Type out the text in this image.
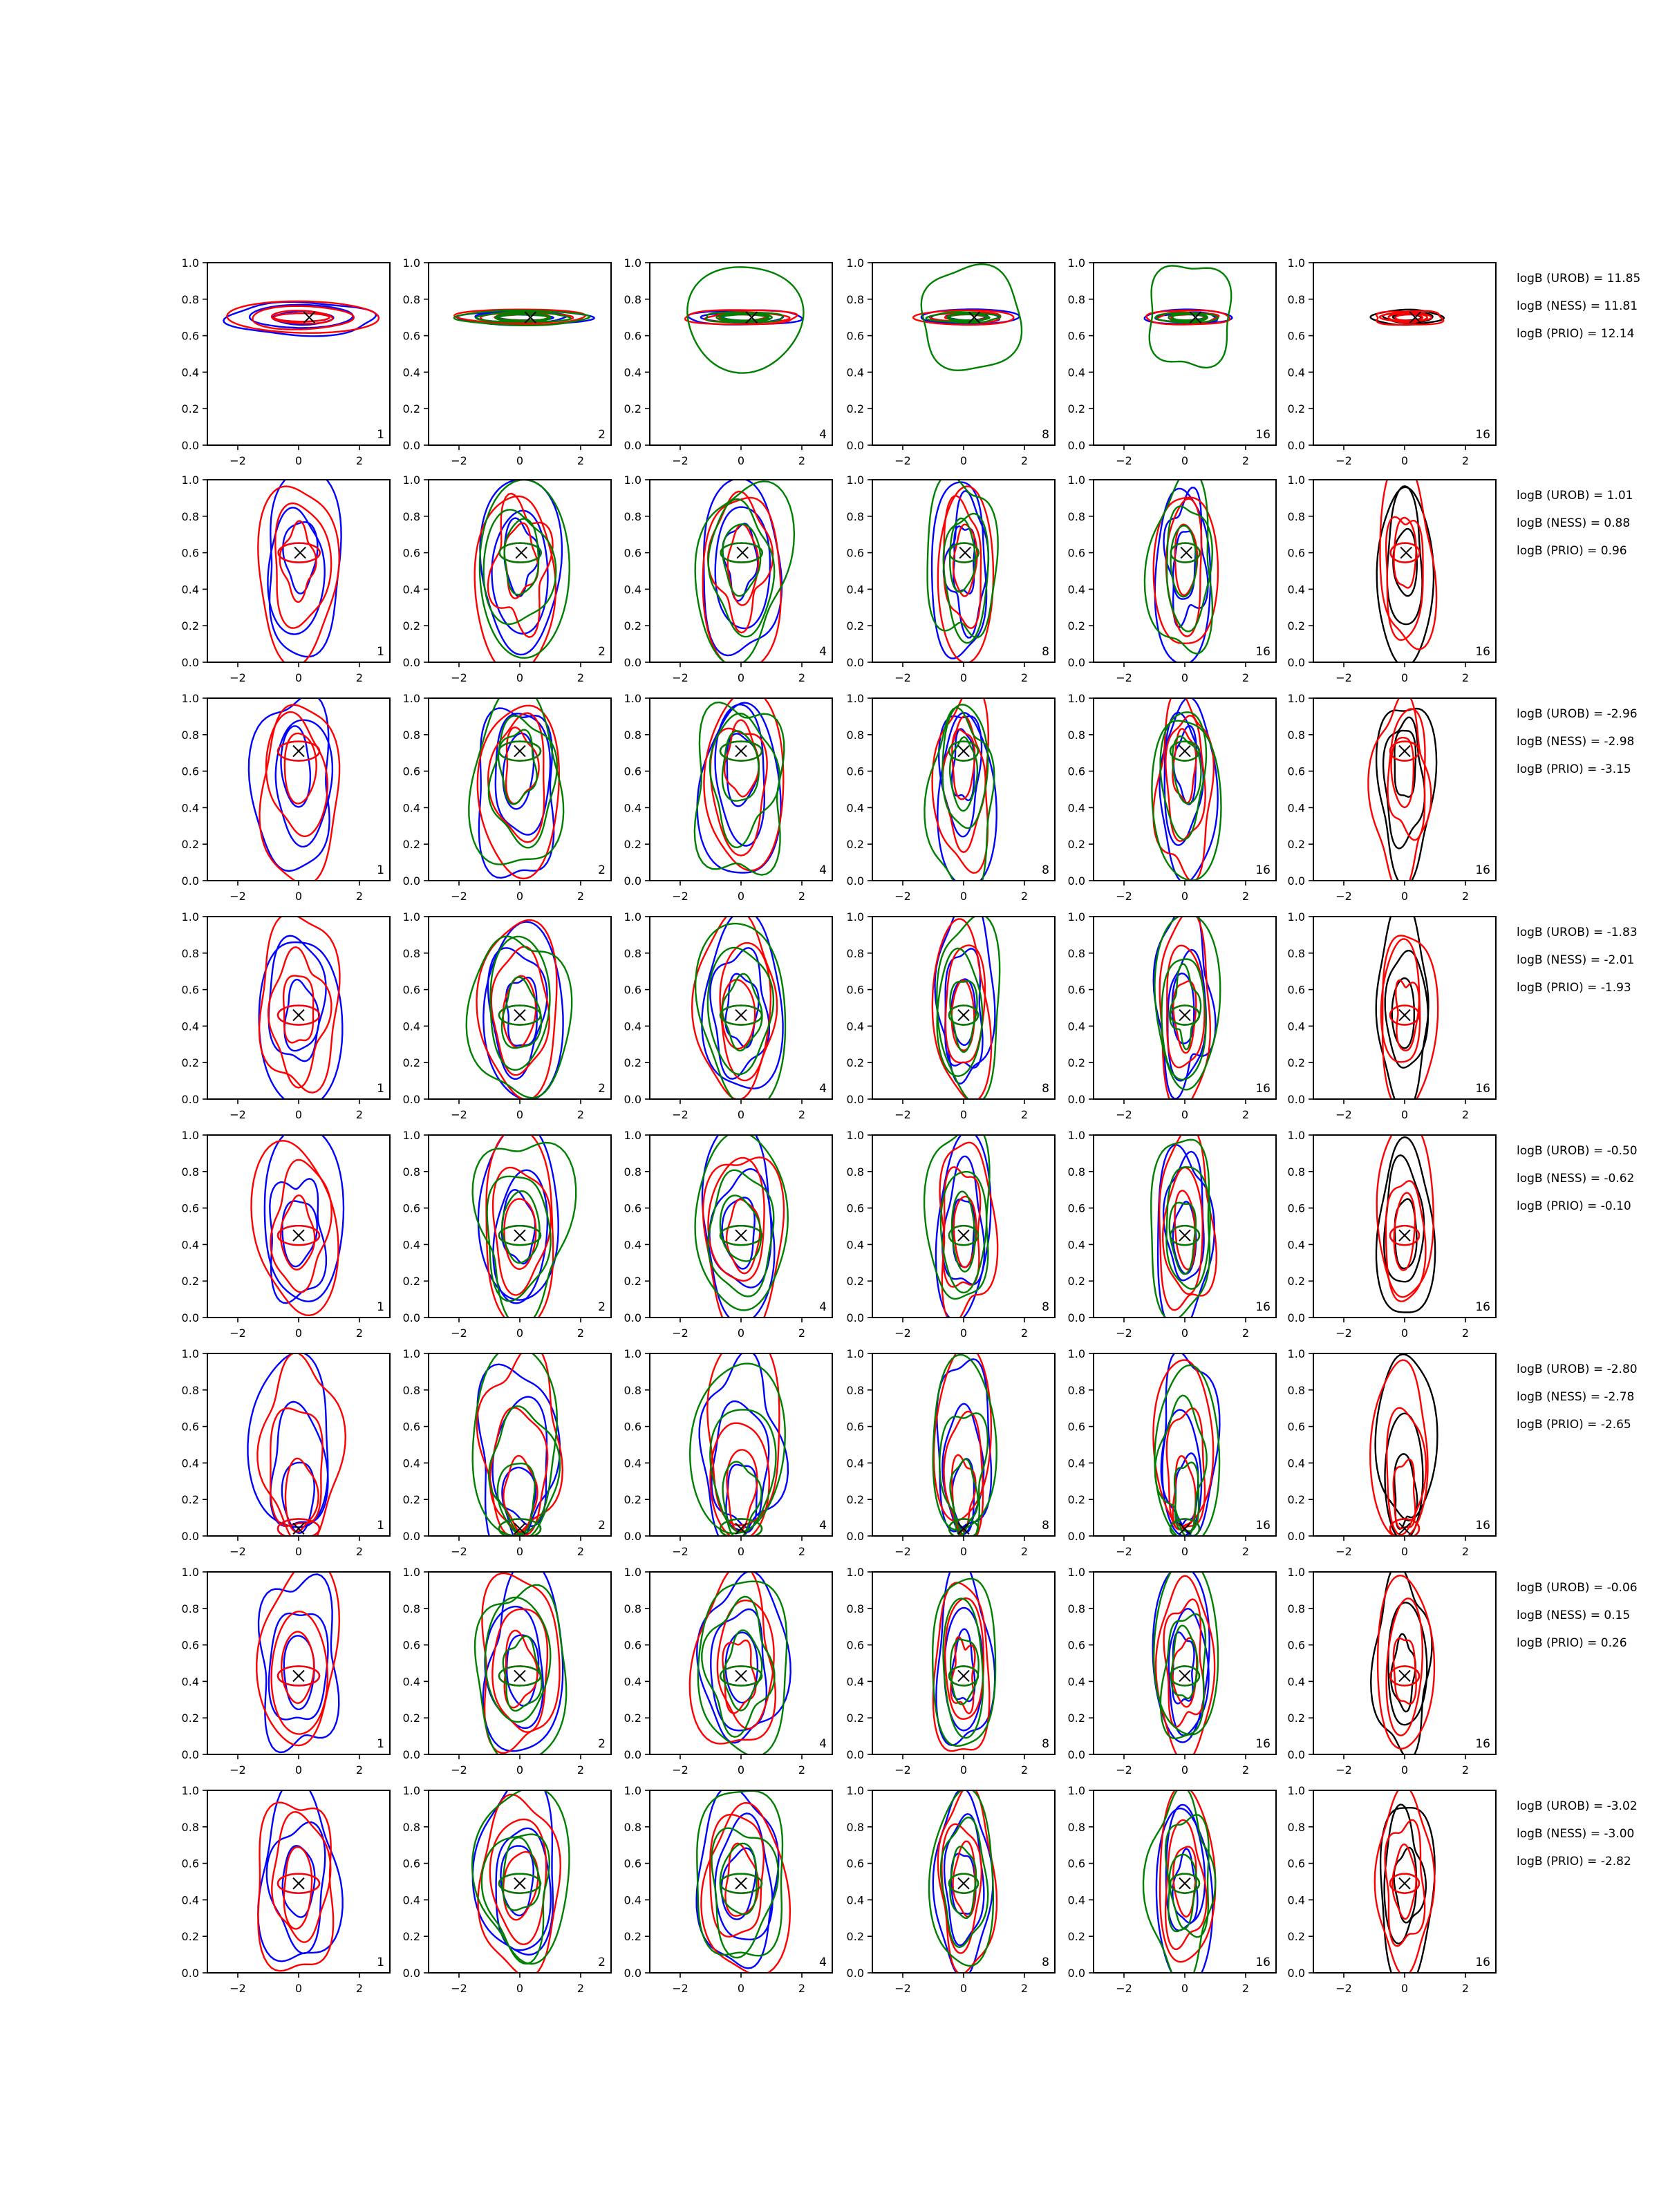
0.0
0.2
0.4
0.6
0.8
1.0
−2	0	2
1
0.0
0.2
0.4
0.6
0.8
1.0
−2	0	2
2
0.0
0.2
0.4
0.6
0.8
1.0
−2	0	2
4
0.0
0.2
0.4
0.6
0.8
1.0
−2	0	2
8
0.0
0.2
0.4
0.6
0.8
1.0
−2	0	2
16
0.0
0.2
0.4
0.6
0.8
1.0
−2	0	2
16
logB (UROB) = 11.85
logB (NESS) = 11.81
logB (PRIO) = 12.14
0.0
0.2
0.4
0.6
0.8
1.0
−2	0	2
1
0.0
0.2
0.4
0.6
0.8
1.0
−2	0	2
2
0.0
0.2
0.4
0.6
0.8
1.0
−2	0	2
4
0.0
0.2
0.4
0.6
0.8
1.0
−2	0	2
8
0.0
0.2
0.4
0.6
0.8
1.0
−2	0	2
16
0.0
0.2
0.4
0.6
0.8
1.0
−2	0	2
16
logB (UROB) = 1.01
logB (NESS) = 0.88
logB (PRIO) = 0.96
0.0
0.2
0.4
0.6
0.8
1.0
−2	0	2
1
0.0
0.2
0.4
0.6
0.8
1.0
−2	0	2
2
0.0
0.2
0.4
0.6
0.8
1.0
−2	0	2
4
0.0
0.2
0.4
0.6
0.8
1.0
−2	0	2
8
0.0
0.2
0.4
0.6
0.8
1.0
−2	0	2
16
0.0
0.2
0.4
0.6
0.8
1.0
−2	0	2
16
logB (UROB) = -2.96
logB (NESS) = -2.98
logB (PRIO) = -3.15
0.0
0.2
0.4
0.6
0.8
1.0
−2	0	2
1
0.0
0.2
0.4
0.6
0.8
1.0
−2	0	2
2
0.0
0.2
0.4
0.6
0.8
1.0
−2	0	2
4
0.0
0.2
0.4
0.6
0.8
1.0
−2	0	2
8
0.0
0.2
0.4
0.6
0.8
1.0
−2	0	2
16
0.0
0.2
0.4
0.6
0.8
1.0
−2	0	2
16
logB (UROB) = -1.83
logB (NESS) = -2.01
logB (PRIO) = -1.93
0.0
0.2
0.4
0.6
0.8
1.0
−2	0	2
1
0.0
0.2
0.4
0.6
0.8
1.0
−2	0	2
2
0.0
0.2
0.4
0.6
0.8
1.0
−2	0	2
4
0.0
0.2
0.4
0.6
0.8
1.0
−2	0	2
8
0.0
0.2
0.4
0.6
0.8
1.0
−2	0	2
16
0.0
0.2
0.4
0.6
0.8
1.0
−2	0	2
16
logB (UROB) = -0.50
logB (NESS) = -0.62
logB (PRIO) = -0.10
0.0
0.2
0.4
0.6
0.8
1.0
−2	0	2
1
0.0
0.2
0.4
0.6
0.8
1.0
−2	0	2
2
0.0
0.2
0.4
0.6
0.8
1.0
−2	0	2
4
0.0
0.2
0.4
0.6
0.8
1.0
−2	0	2
8
0.0
0.2
0.4
0.6
0.8
1.0
−2	0	2
16
0.0
0.2
0.4
0.6
0.8
1.0
−2	0	2
16
logB (UROB) = -2.80
logB (NESS) = -2.78
logB (PRIO) = -2.65
0.0
0.2
0.4
0.6
0.8
1.0
−2	0	2
1
0.0
0.2
0.4
0.6
0.8
1.0
−2	0	2
2
0.0
0.2
0.4
0.6
0.8
1.0
−2	0	2
4
0.0
0.2
0.4
0.6
0.8
1.0
−2	0	2
8
0.0
0.2
0.4
0.6
0.8
1.0
−2	0	2
16
0.0
0.2
0.4
0.6
0.8
1.0
−2	0	2
16
logB (UROB) = -0.06
logB (NESS) = 0.15
logB (PRIO) = 0.26
0.0
0.2
0.4
0.6
0.8
1.0
−2	0	2
1
0.0
0.2
0.4
0.6
0.8
1.0
−2	0	2
2
0.0
0.2
0.4
0.6
0.8
1.0
−2	0	2
4
0.0
0.2
0.4
0.6
0.8
1.0
−2	0	2
8
0.0
0.2
0.4
0.6
0.8
1.0
−2	0	2
16
0.0
0.2
0.4
0.6
0.8
1.0
−2	0	2
16
logB (UROB) = -3.02
logB (NESS) = -3.00
logB (PRIO) = -2.82
